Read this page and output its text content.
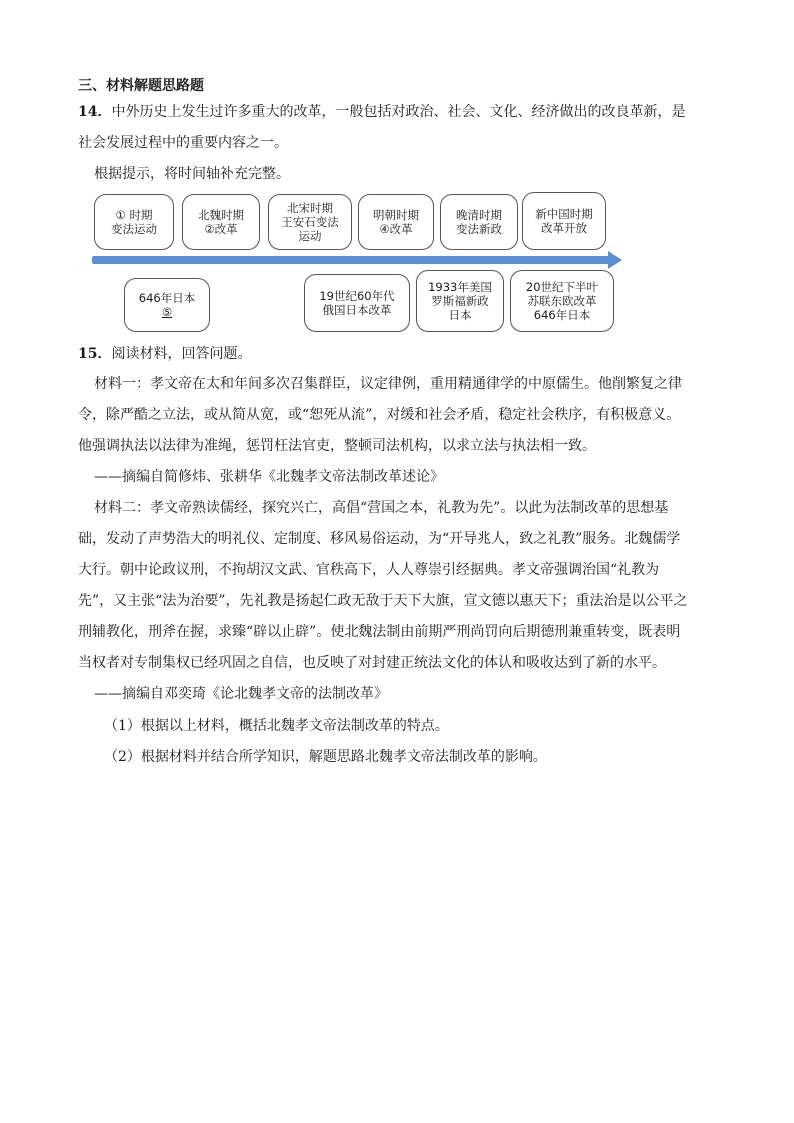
三、材料解题思路题
14．中外历史上发生过许多重大的改革，一般包括对政治、社会、文化、经济做出的改良革新，是
社会发展过程中的重要内容之一。
根据提示，将时间轴补充完整。
① 时期
变法运动
北魏时期
②改革
北宋时期
王安石变法
运动
明朝时期
④改革
晚清时期
变法新政
新中国时期
改革开放
646年日本
⑤
19世纪60年代
俄国日本改革
1933年美国
罗斯福新政
日本
20世纪下半叶
苏联东欧改革
646年日本
15．阅读材料，回答问题。
材料一：孝文帝在太和年间多次召集群臣，议定律例，重用精通律学的中原儒生。他削繁复之律
令，除严酷之立法，或从简从宽，或“恕死从流”，对缓和社会矛盾，稳定社会秩序，有积极意义。
他强调执法以法律为准绳，惩罚枉法官吏，整顿司法机构，以求立法与执法相一致。
——摘编自简修炜、张耕华《北魏孝文帝法制改革述论》
材料二：孝文帝熟读儒经，探究兴亡，高倡“营国之本，礼教为先”。以此为法制改革的思想基
础，发动了声势浩大的明礼仪、定制度、移风易俗运动，为“开导兆人，致之礼教”服务。北魏儒学
大行。朝中论政议刑，不拘胡汉文武、官秩高下，人人尊崇引经据典。孝文帝强调治国“礼教为
先”，又主张“法为治要”，先礼教是扬起仁政无敌于天下大旗，宣文德以惠天下；重法治是以公平之
刑辅教化，刑斧在握，求臻“辟以止辟”。使北魏法制由前期严刑尚罚向后期德刑兼重转变，既表明
当权者对专制集权已经巩固之自信，也反映了对封建正统法文化的体认和吸收达到了新的水平。
——摘编自邓奕琦《论北魏孝文帝的法制改革》
（1）根据以上材料，概括北魏孝文帝法制改革的特点。
（2）根据材料并结合所学知识，解题思路北魏孝文帝法制改革的影响。
